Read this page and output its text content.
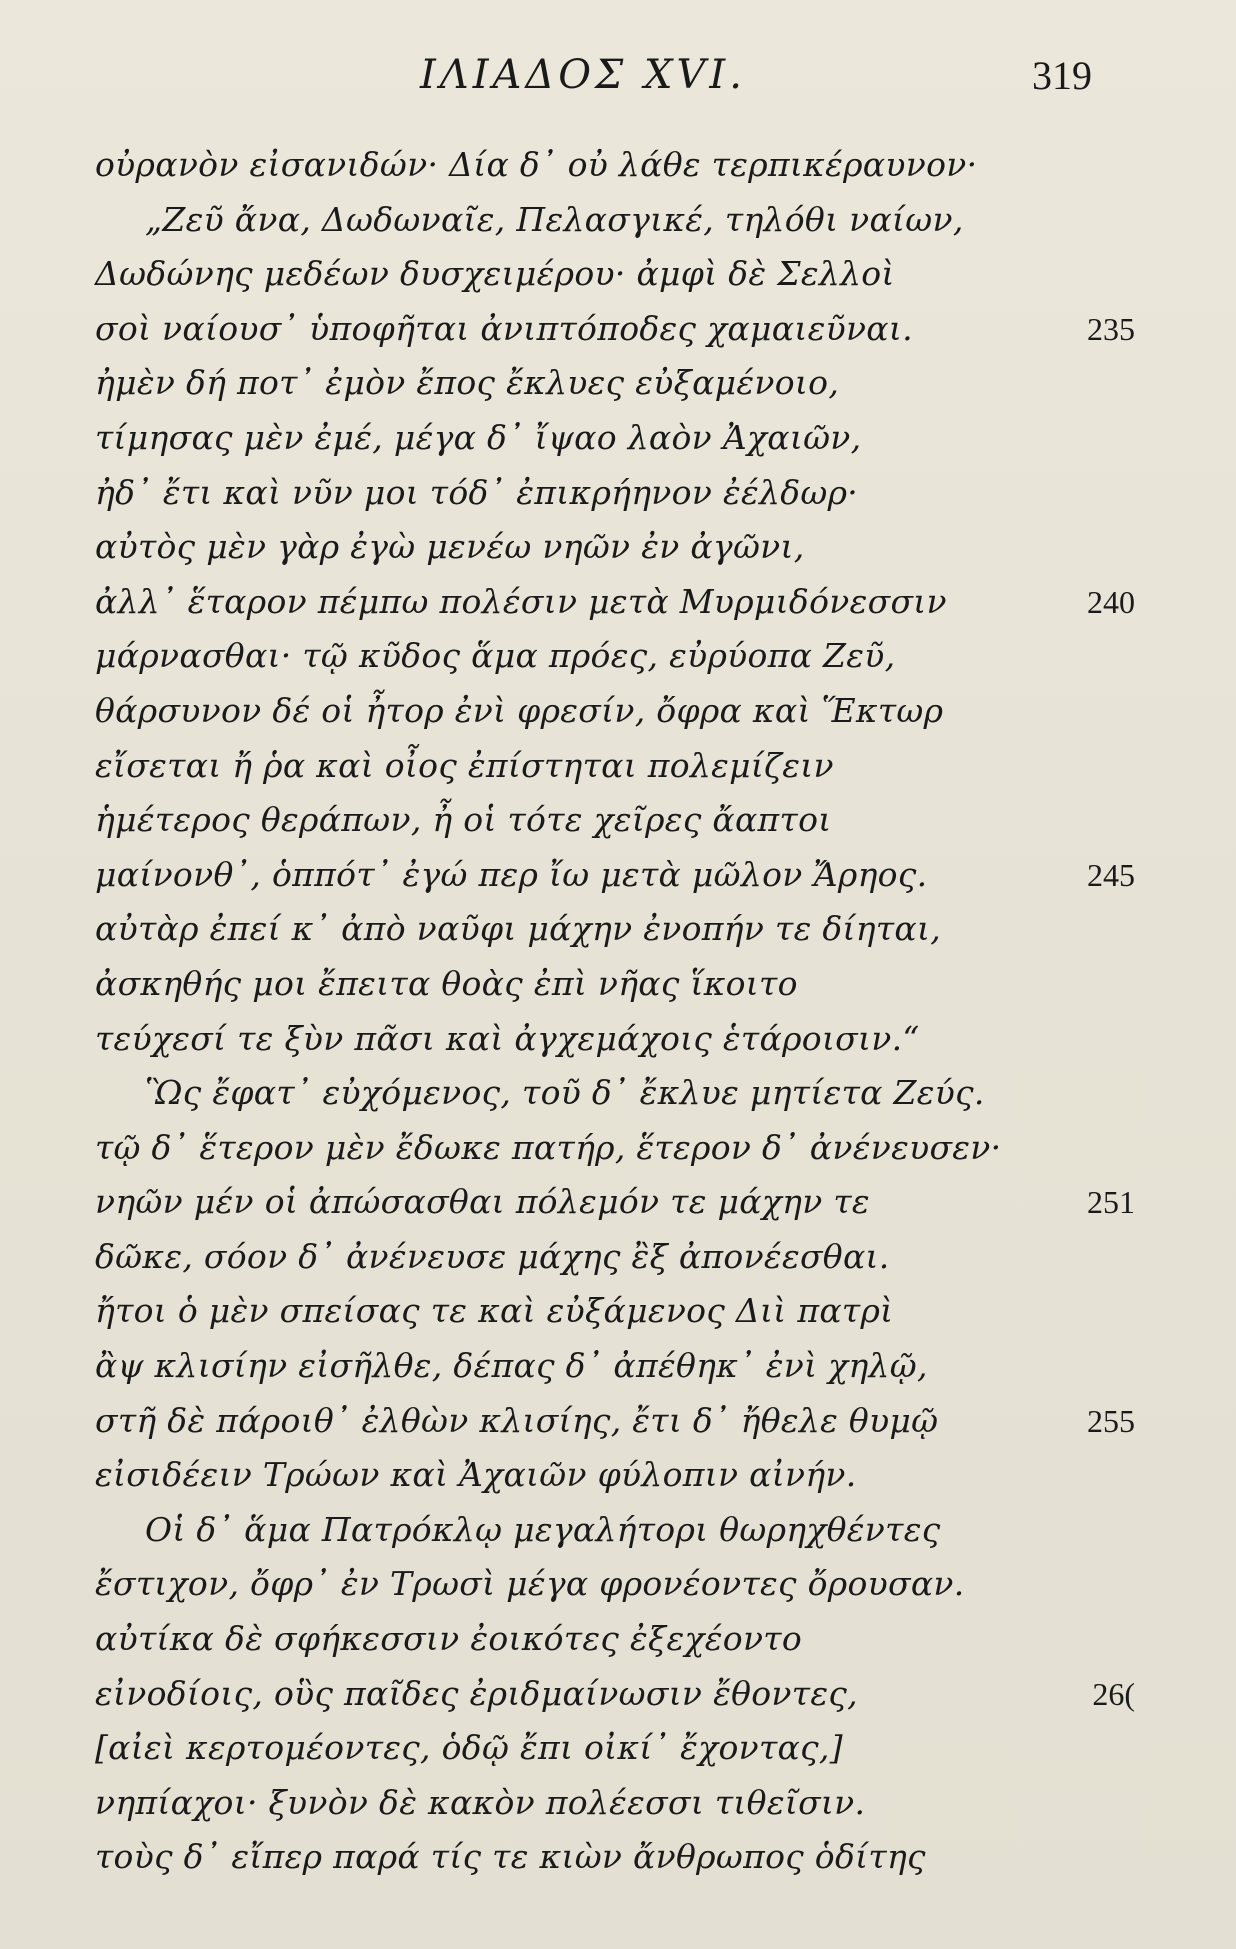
ΙΛΙΑΔΟΣ XVI.	319
οὐρανὸν εἰσανιδών· Δία δ᾽ οὐ λάθε τερπικέραυνον·
„Ζεῦ ἄνα, Δωδωναῖε, Πελασγικέ, τηλόθι ναίων,
Δωδώνης μεδέων δυσχειμέρου· ἀμφὶ δὲ Σελλοὶ
σοὶ ναίουσ᾽ ὑποφῆται ἀνιπτόποδες χαμαιεῦναι.	235
ἠμὲν δή ποτ᾽ ἐμὸν ἔπος ἔκλυες εὐξαμένοιο,
τίμησας μὲν ἐμέ, μέγα δ᾽ ἴψαο λαὸν Ἀχαιῶν,
ἠδ᾽ ἔτι καὶ νῦν μοι τόδ᾽ ἐπικρήηνον ἐέλδωρ·
αὐτὸς μὲν γὰρ ἐγὼ μενέω νηῶν ἐν ἀγῶνι,
ἀλλ᾽ ἕταρον πέμπω πολέσιν μετὰ Μυρμιδόνεσσιν	240
μάρνασθαι· τῷ κῦδος ἅμα πρόες, εὐρύοπα Ζεῦ,
θάρσυνον δέ οἱ ἦτορ ἐνὶ φρεσίν, ὄφρα καὶ Ἕκτωρ
εἴσεται ἤ ῥα καὶ οἶος ἐπίστηται πολεμίζειν
ἡμέτερος θεράπων, ἦ οἱ τότε χεῖρες ἄαπτοι
μαίνονθ᾽, ὁππότ᾽ ἐγώ περ ἴω μετὰ μῶλον Ἄρηος.	245
αὐτὰρ ἐπεί κ᾽ ἀπὸ ναῦφι μάχην ἐνοπήν τε δίηται,
ἀσκηθής μοι ἔπειτα θοὰς ἐπὶ νῆας ἵκοιτο
τεύχεσί τε ξὺν πᾶσι καὶ ἀγχεμάχοις ἑτάροισιν.“
Ὣς ἔφατ᾽ εὐχόμενος, τοῦ δ᾽ ἔκλυε μητίετα Ζεύς.
τῷ δ᾽ ἕτερον μὲν ἔδωκε πατήρ, ἕτερον δ᾽ ἀνένευσεν·
νηῶν μέν οἱ ἀπώσασθαι πόλεμόν τε μάχην τε	251
δῶκε, σόον δ᾽ ἀνένευσε μάχης ἒξ ἀπονέεσθαι.
ἤτοι ὁ μὲν σπείσας τε καὶ εὐξάμενος Διὶ πατρὶ
ἂψ κλισίην εἰσῆλθε, δέπας δ᾽ ἀπέθηκ᾽ ἐνὶ χηλῷ,
στῆ δὲ πάροιθ᾽ ἐλθὼν κλισίης, ἔτι δ᾽ ἤθελε θυμῷ	255
εἰσιδέειν Τρώων καὶ Ἀχαιῶν φύλοπιν αἰνήν.
Οἱ δ᾽ ἅμα Πατρόκλῳ μεγαλήτορι θωρηχθέντες
ἔστιχον, ὄφρ᾽ ἐν Τρωσὶ μέγα φρονέοντες ὄρουσαν.
αὐτίκα δὲ σφήκεσσιν ἐοικότες ἐξεχέοντο
εἰνοδίοις, οὓς παῖδες ἐριδμαίνωσιν ἔθοντες,	26(
[αἰεὶ κερτομέοντες, ὁδῷ ἔπι οἰκί᾽ ἔχοντας,]
νηπίαχοι· ξυνὸν δὲ κακὸν πολέεσσι τιθεῖσιν.
τοὺς δ᾽ εἴπερ παρά τίς τε κιὼν ἄνθρωπος ὁδίτης
